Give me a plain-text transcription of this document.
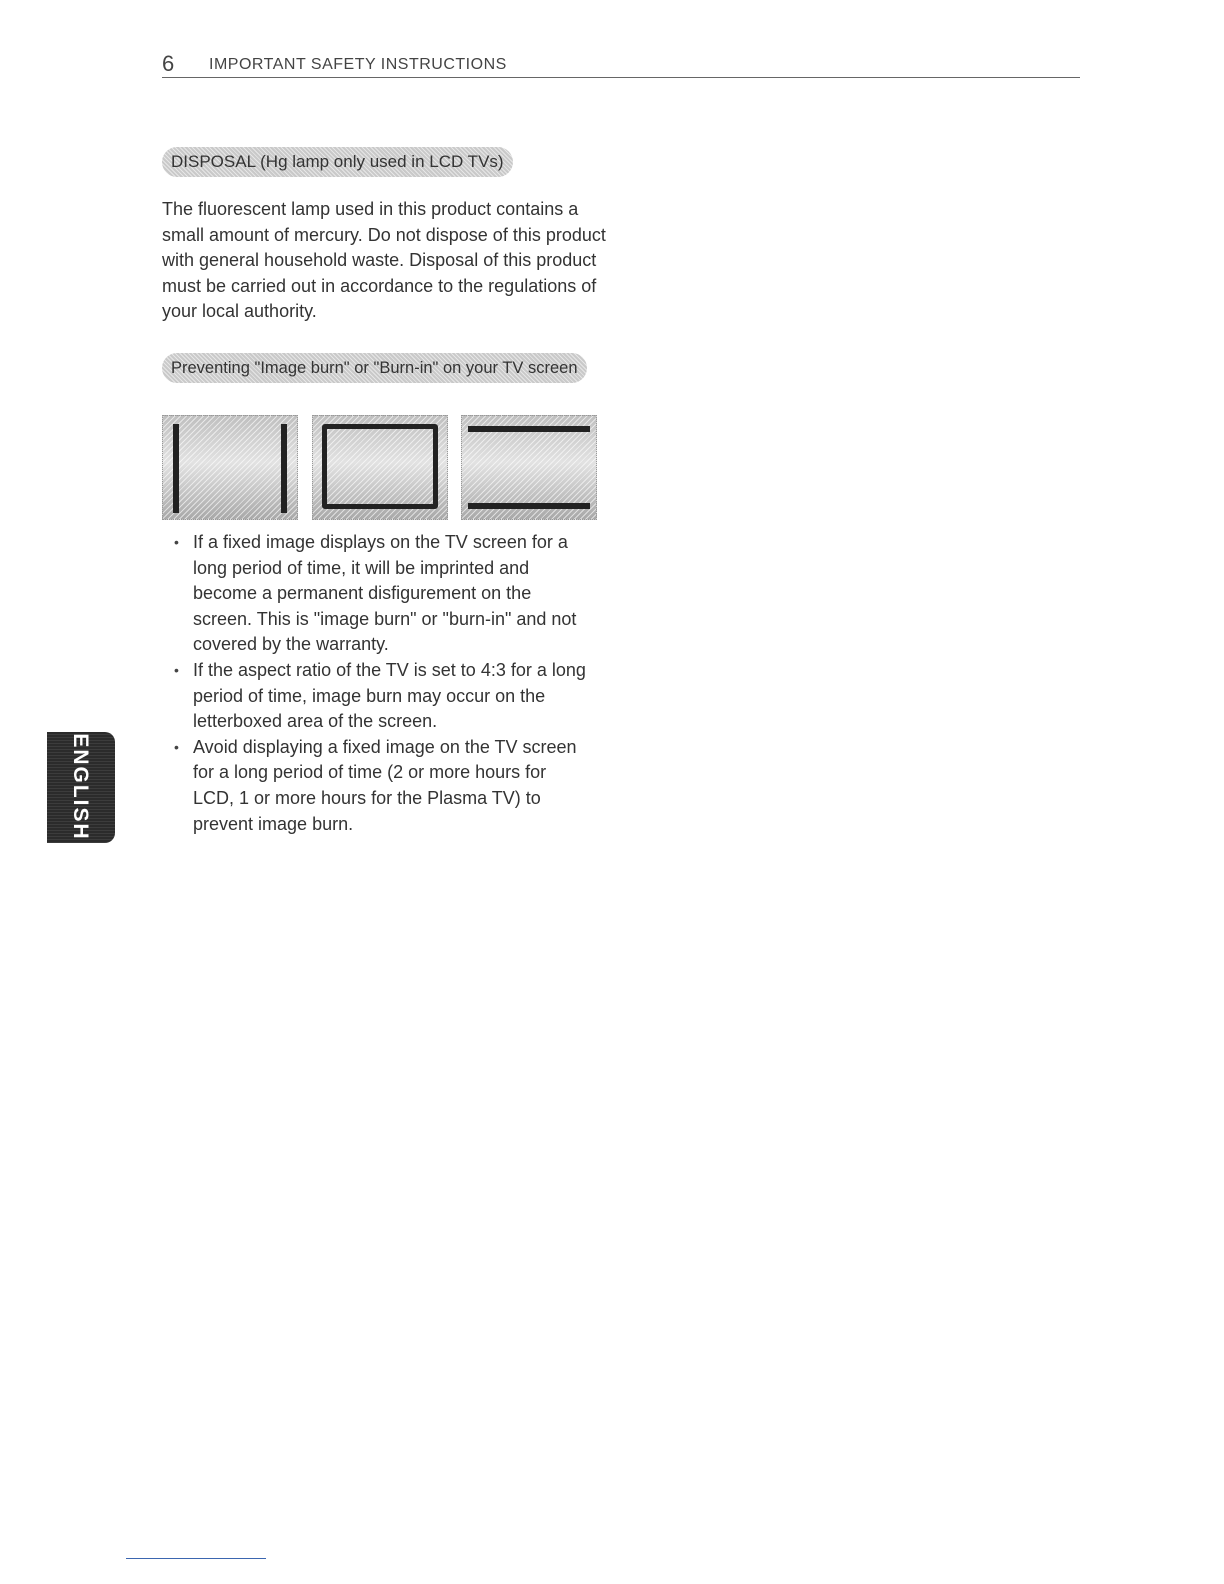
6 IMPORTANT SAFETY INSTRUCTIONS
DISPOSAL (Hg lamp only used in LCD TVs)

The fluorescent lamp used in this product contains a small amount of mercury. Do not dispose of this product with general household waste. Disposal of this product must be carried out in accordance to the regulations of your local authority.

Preventing "Image burn" or "Burn-in" on your TV screen
• If a fixed image displays on the TV screen for a long period of time, it will be imprinted and become a permanent disfigurement on the screen. This is "image burn" or "burn-in" and not covered by the warranty.
• If the aspect ratio of the TV is set to 4:3 for a long period of time, image burn may occur on the letterboxed area of the screen.
• Avoid displaying a fixed image on the TV screen for a long period of time (2 or more hours for LCD, 1 or more hours for the Plasma TV) to prevent image burn.
ENGLISH
